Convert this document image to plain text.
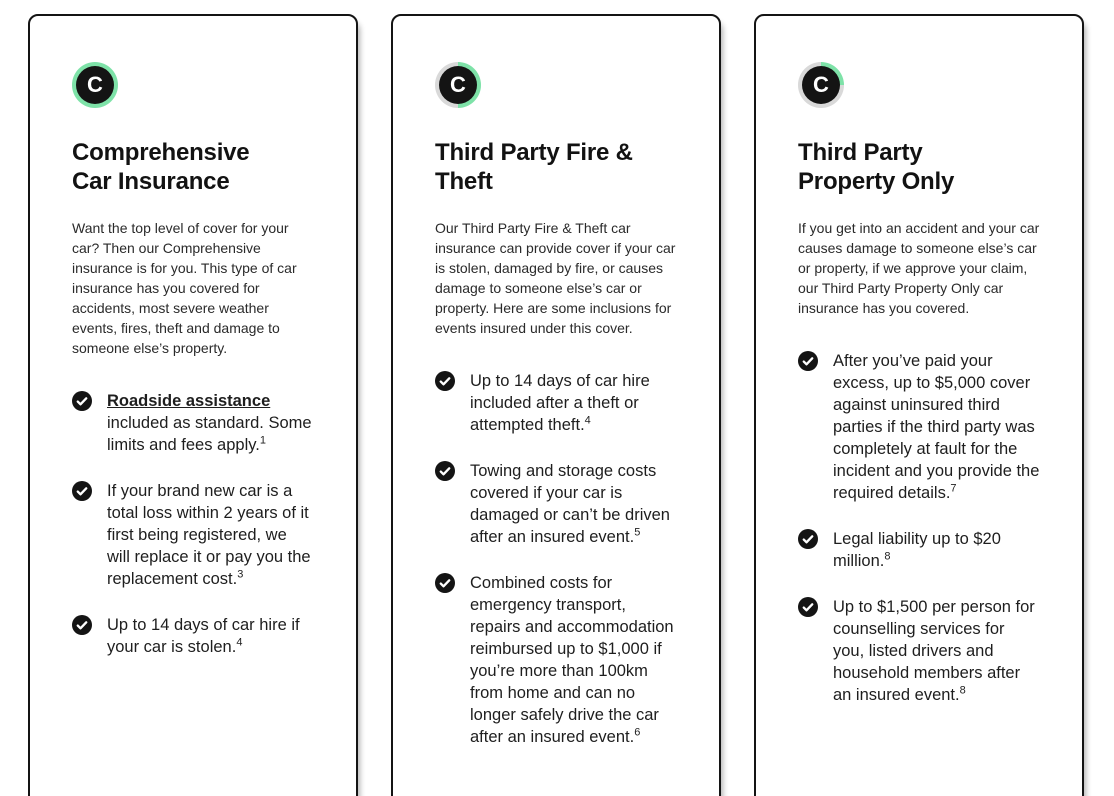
C
Comprehensive
Car Insurance

Want the top level of cover for your car? Then our Comprehensive insurance is for you. This type of car insurance has you covered for accidents, most severe weather events, fires, theft and damage to someone else’s property.

Roadside assistance included as standard. Some limits and fees apply.$^1$
If your brand new car is a total loss within 2 years of it first being registered, we will replace it or pay you the replacement cost.$^3$
Up to 14 days of car hire if your car is stolen.$^4$
C
Third Party Fire &
Theft

Our Third Party Fire & Theft car insurance can provide cover if your car is stolen, damaged by fire, or causes damage to someone else’s car or property. Here are some inclusions for events insured under this cover.

Up to 14 days of car hire included after a theft or attempted theft.$^4$
Towing and storage costs covered if your car is damaged or can’t be driven after an insured event.$^5$
Combined costs for emergency transport, repairs and accommodation reimbursed up to $1,000 if you’re more than 100km from home and can no longer safely drive the car after an insured event.$^6$
C
Third Party
Property Only

If you get into an accident and your car causes damage to someone else’s car or property, if we approve your claim, our Third Party Property Only car insurance has you covered.

After you’ve paid your excess, up to $5,000 cover against uninsured third parties if the third party was completely at fault for the incident and you provide the required details.$^7$
Legal liability up to $20 million.$^8$
Up to $1,500 per person for counselling services for you, listed drivers and household members after an insured event.$^8$
